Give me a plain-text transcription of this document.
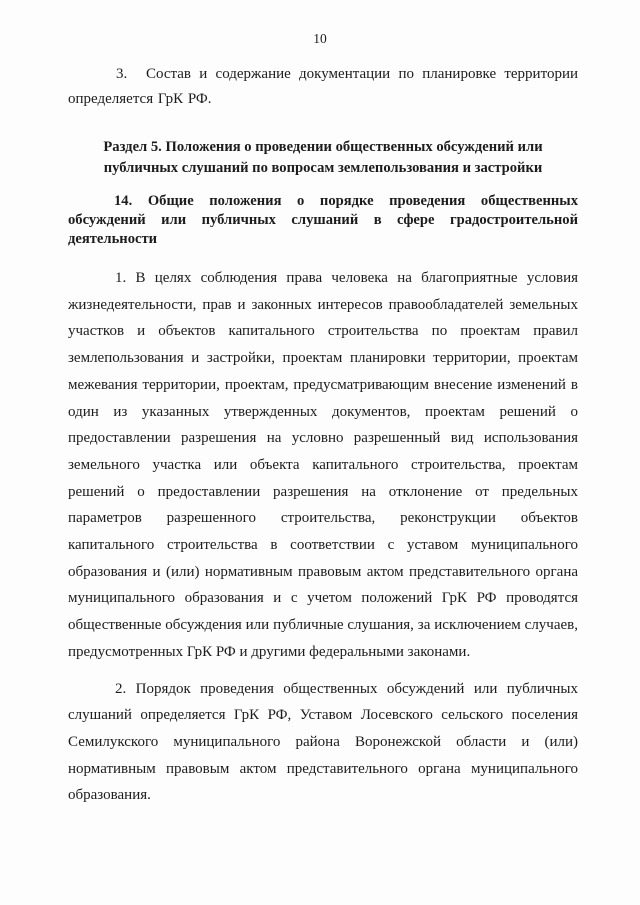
10

3. Состав и содержание документации по планировке территории определяется ГрК РФ.

Раздел 5. Положения о проведении общественных обсуждений или публичных слушаний по вопросам землепользования и застройки

14. Общие положения о порядке проведения общественных обсуждений или публичных слушаний в сфере градостроительной деятельности

1. В целях соблюдения права человека на благоприятные условия жизнедеятельности, прав и законных интересов правообладателей земельных участков и объектов капитального строительства по проектам правил землепользования и застройки, проектам планировки территории, проектам межевания территории, проектам, предусматривающим внесение изменений в один из указанных утвержденных документов, проектам решений о предоставлении разрешения на условно разрешенный вид использования земельного участка или объекта капитального строительства, проектам решений о предоставлении разрешения на отклонение от предельных параметров разрешенного строительства, реконструкции объектов капитального строительства в соответствии с уставом муниципального образования и (или) нормативным правовым актом представительного органа муниципального образования и с учетом положений ГрК РФ проводятся общественные обсуждения или публичные слушания, за исключением случаев, предусмотренных ГрК РФ и другими федеральными законами.

2. Порядок проведения общественных обсуждений или публичных слушаний определяется ГрК РФ, Уставом Лосевского сельского поселения Семилукского муниципального района Воронежской области и (или) нормативным правовым актом представительного органа муниципального образования.
